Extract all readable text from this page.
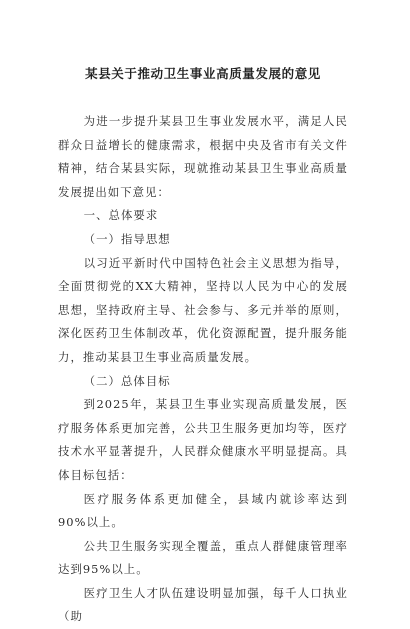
某县关于推动卫生事业高质量发展的意见

为进一步提升某县卫生事业发展水平，满足人民群众日益增长的健康需求，根据中央及省市有关文件精神，结合某县实际，现就推动某县卫生事业高质量发展提出如下意见：

一、总体要求

（一）指导思想

以习近平新时代中国特色社会主义思想为指导，全面贯彻党的XX大精神，坚持以人民为中心的发展思想，坚持政府主导、社会参与、多元并举的原则，深化医药卫生体制改革，优化资源配置，提升服务能力，推动某县卫生事业高质量发展。

（二）总体目标

到2025年，某县卫生事业实现高质量发展，医疗服务体系更加完善，公共卫生服务更加均等，医疗技术水平显著提升，人民群众健康水平明显提高。具体目标包括：

医疗服务体系更加健全，县域内就诊率达到90%以上。

公共卫生服务实现全覆盖，重点人群健康管理率达到95%以上。

医疗卫生人才队伍建设明显加强，每千人口执业（助
